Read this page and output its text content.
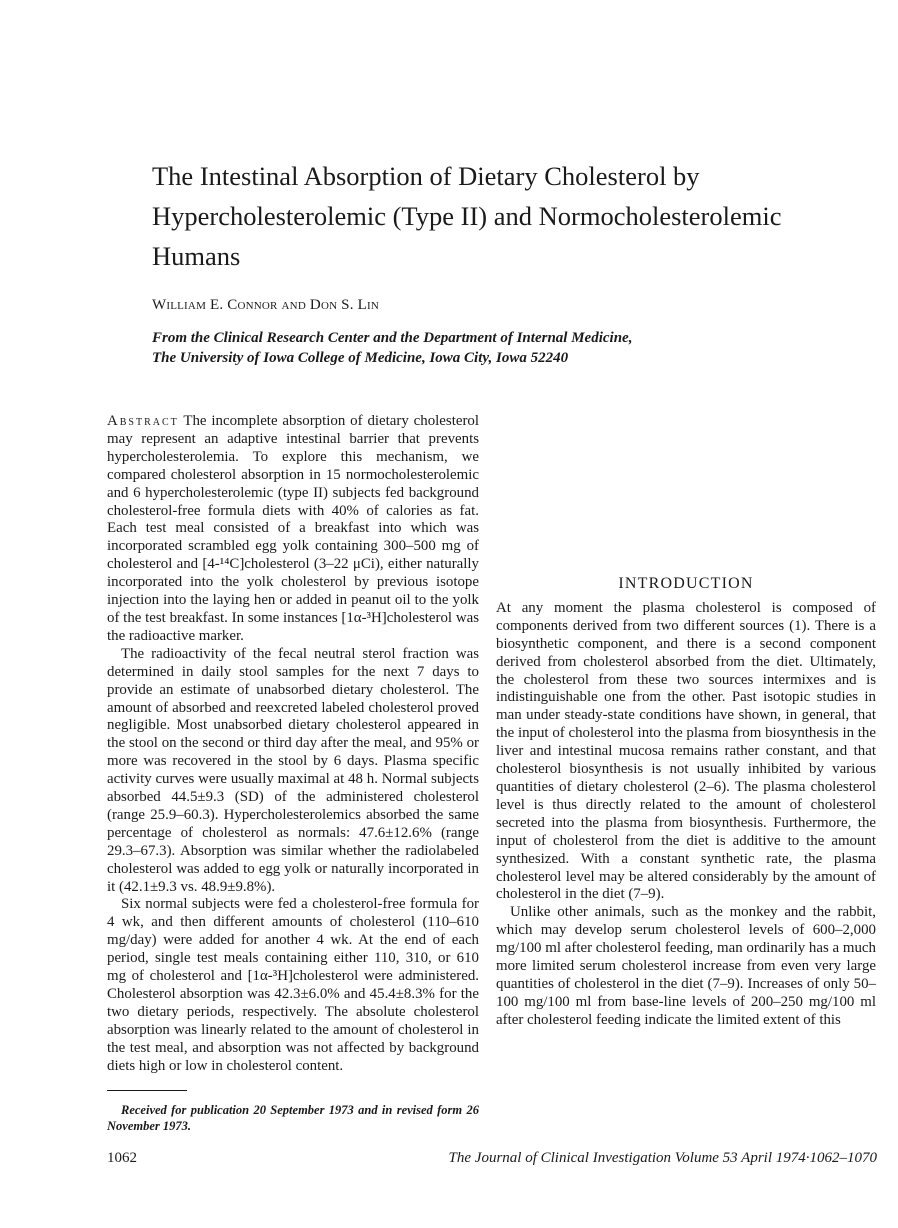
The Intestinal Absorption of Dietary Cholesterol by Hypercholesterolemic (Type II) and Normocholesterolemic Humans
William E. Connor and Don S. Lin
From the Clinical Research Center and the Department of Internal Medicine,
The University of Iowa College of Medicine, Iowa City, Iowa 52240

Abstract The incomplete absorption of dietary cholesterol may represent an adaptive intestinal barrier that prevents hypercholesterolemia. To explore this mechanism, we compared cholesterol absorption in 15 normocholesterolemic and 6 hypercholesterolemic (type II) subjects fed background cholesterol-free formula diets with 40% of calories as fat. Each test meal consisted of a breakfast into which was incorporated scrambled egg yolk containing 300–500 mg of cholesterol and [4-¹⁴C]cholesterol (3–22 μCi), either naturally incorporated into the yolk cholesterol by previous isotope injection into the laying hen or added in peanut oil to the yolk of the test breakfast. In some instances [1α-³H]cholesterol was the radioactive marker.

The radioactivity of the fecal neutral sterol fraction was determined in daily stool samples for the next 7 days to provide an estimate of unabsorbed dietary cholesterol. The amount of absorbed and reexcreted labeled cholesterol proved negligible. Most unabsorbed dietary cholesterol appeared in the stool on the second or third day after the meal, and 95% or more was recovered in the stool by 6 days. Plasma specific activity curves were usually maximal at 48 h. Normal subjects absorbed 44.5±9.3 (SD) of the administered cholesterol (range 25.9–60.3). Hypercholesterolemics absorbed the same percentage of cholesterol as normals: 47.6±12.6% (range 29.3–67.3). Absorption was similar whether the radiolabeled cholesterol was added to egg yolk or naturally incorporated in it (42.1±9.3 vs. 48.9±9.8%).

Six normal subjects were fed a cholesterol-free formula for 4 wk, and then different amounts of cholesterol (110–610 mg/day) were added for another 4 wk. At the end of each period, single test meals containing either 110, 310, or 610 mg of cholesterol and [1α-³H]cholesterol were administered. Cholesterol absorption was 42.3±6.0% and 45.4±8.3% for the two dietary periods, respectively. The absolute cholesterol absorption was linearly related to the amount of cholesterol in the test meal, and absorption was not affected by background diets high or low in cholesterol content.

INTRODUCTION

At any moment the plasma cholesterol is composed of components derived from two different sources (1). There is a biosynthetic component, and there is a second component derived from cholesterol absorbed from the diet. Ultimately, the cholesterol from these two sources intermixes and is indistinguishable one from the other. Past isotopic studies in man under steady-state conditions have shown, in general, that the input of cholesterol into the plasma from biosynthesis in the liver and intestinal mucosa remains rather constant, and that cholesterol biosynthesis is not usually inhibited by various quantities of dietary cholesterol (2–6). The plasma cholesterol level is thus directly related to the amount of cholesterol secreted into the plasma from biosynthesis. Furthermore, the input of cholesterol from the diet is additive to the amount synthesized. With a constant synthetic rate, the plasma cholesterol level may be altered considerably by the amount of cholesterol in the diet (7–9).

Unlike other animals, such as the monkey and the rabbit, which may develop serum cholesterol levels of 600–2,000 mg/100 ml after cholesterol feeding, man ordinarily has a much more limited serum cholesterol increase from even very large quantities of cholesterol in the diet (7–9). Increases of only 50–100 mg/100 ml from base-line levels of 200–250 mg/100 ml after cholesterol feeding indicate the limited extent of this

Received for publication 20 September 1973 and in revised form 26 November 1973.
1062	The Journal of Clinical Investigation Volume 53 April 1974·1062–1070
